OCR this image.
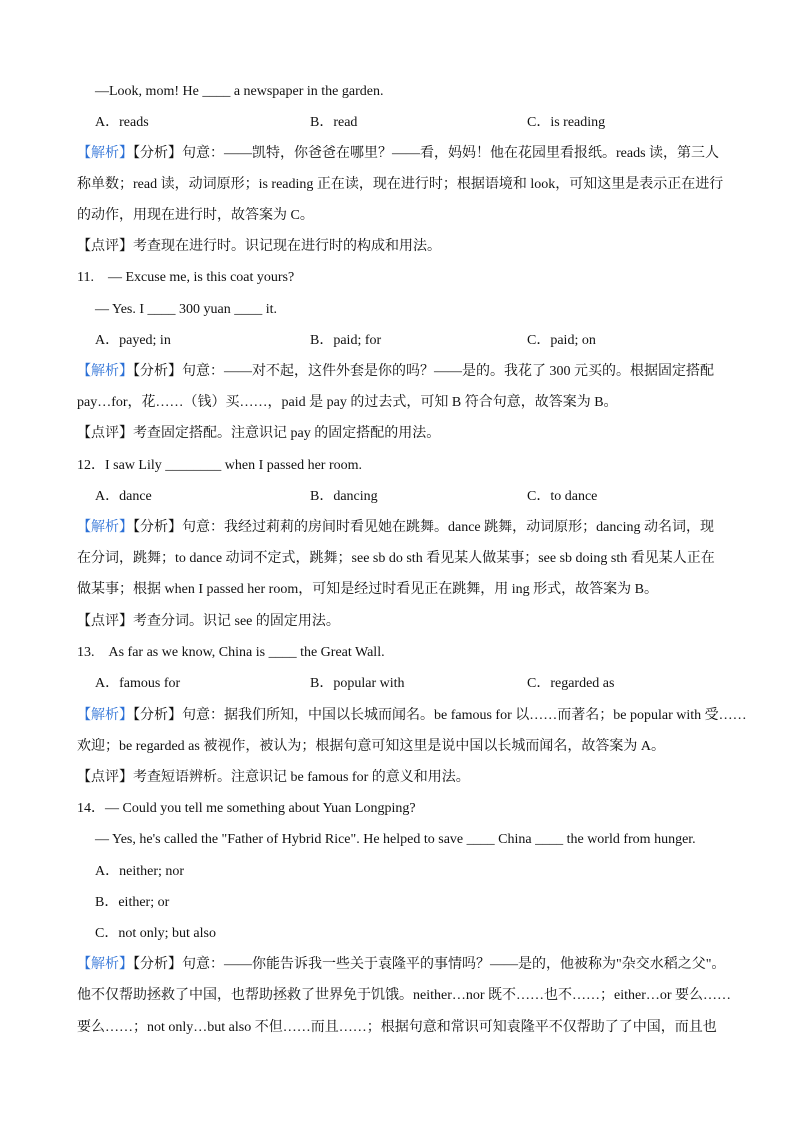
—Look, mom! He ____ a newspaper in the garden.
A．reads	B．read	C．is reading
【解析】【分析】句意：——凯特，你爸爸在哪里？——看，妈妈！他在花园里看报纸。reads 读，第三人
称单数；read 读，动词原形；is reading 正在读，现在进行时；根据语境和 look，可知这里是表示正在进行
的动作，用现在进行时，故答案为 C。
【点评】考查现在进行时。识记现在进行时的构成和用法。
11.　— Excuse me, is this coat yours?
— Yes. I ____ 300 yuan ____ it.
A．payed; in	B．paid; for	C．paid; on
【解析】【分析】句意：——对不起，这件外套是你的吗？——是的。我花了 300 元买的。根据固定搭配
pay…for，花……（钱）买……，paid 是 pay 的过去式，可知 B 符合句意，故答案为 B。
【点评】考查固定搭配。注意识记 pay 的固定搭配的用法。
12．I saw Lily ________ when I passed her room.
A．dance	B．dancing	C．to dance
【解析】【分析】句意：我经过莉莉的房间时看见她在跳舞。dance 跳舞，动词原形；dancing 动名词，现
在分词，跳舞；to dance 动词不定式，跳舞；see sb do sth 看见某人做某事；see sb doing sth 看见某人正在
做某事；根据 when I passed her room，可知是经过时看见正在跳舞，用 ing 形式，故答案为 B。
【点评】考查分词。识记 see 的固定用法。
13.　As far as we know, China is ____ the Great Wall.
A．famous for	B．popular with	C．regarded as
【解析】【分析】句意：据我们所知，中国以长城而闻名。be famous for 以……而著名；be popular with 受……
欢迎；be regarded as 被视作，被认为；根据句意可知这里是说中国以长城而闻名，故答案为 A。
【点评】考查短语辨析。注意识记 be famous for 的意义和用法。
14．— Could you tell me something about Yuan Longping?
— Yes, he's called the "Father of Hybrid Rice". He helped to save ____ China ____ the world from hunger.
A．neither; nor
B．either; or
C．not only; but also
【解析】【分析】句意：——你能告诉我一些关于袁隆平的事情吗？——是的，他被称为"杂交水稻之父"。
他不仅帮助拯救了中国，也帮助拯救了世界免于饥饿。neither…nor 既不……也不……；either…or 要么……
要么……；not only…but also 不但……而且……；根据句意和常识可知袁隆平不仅帮助了了中国，而且也
